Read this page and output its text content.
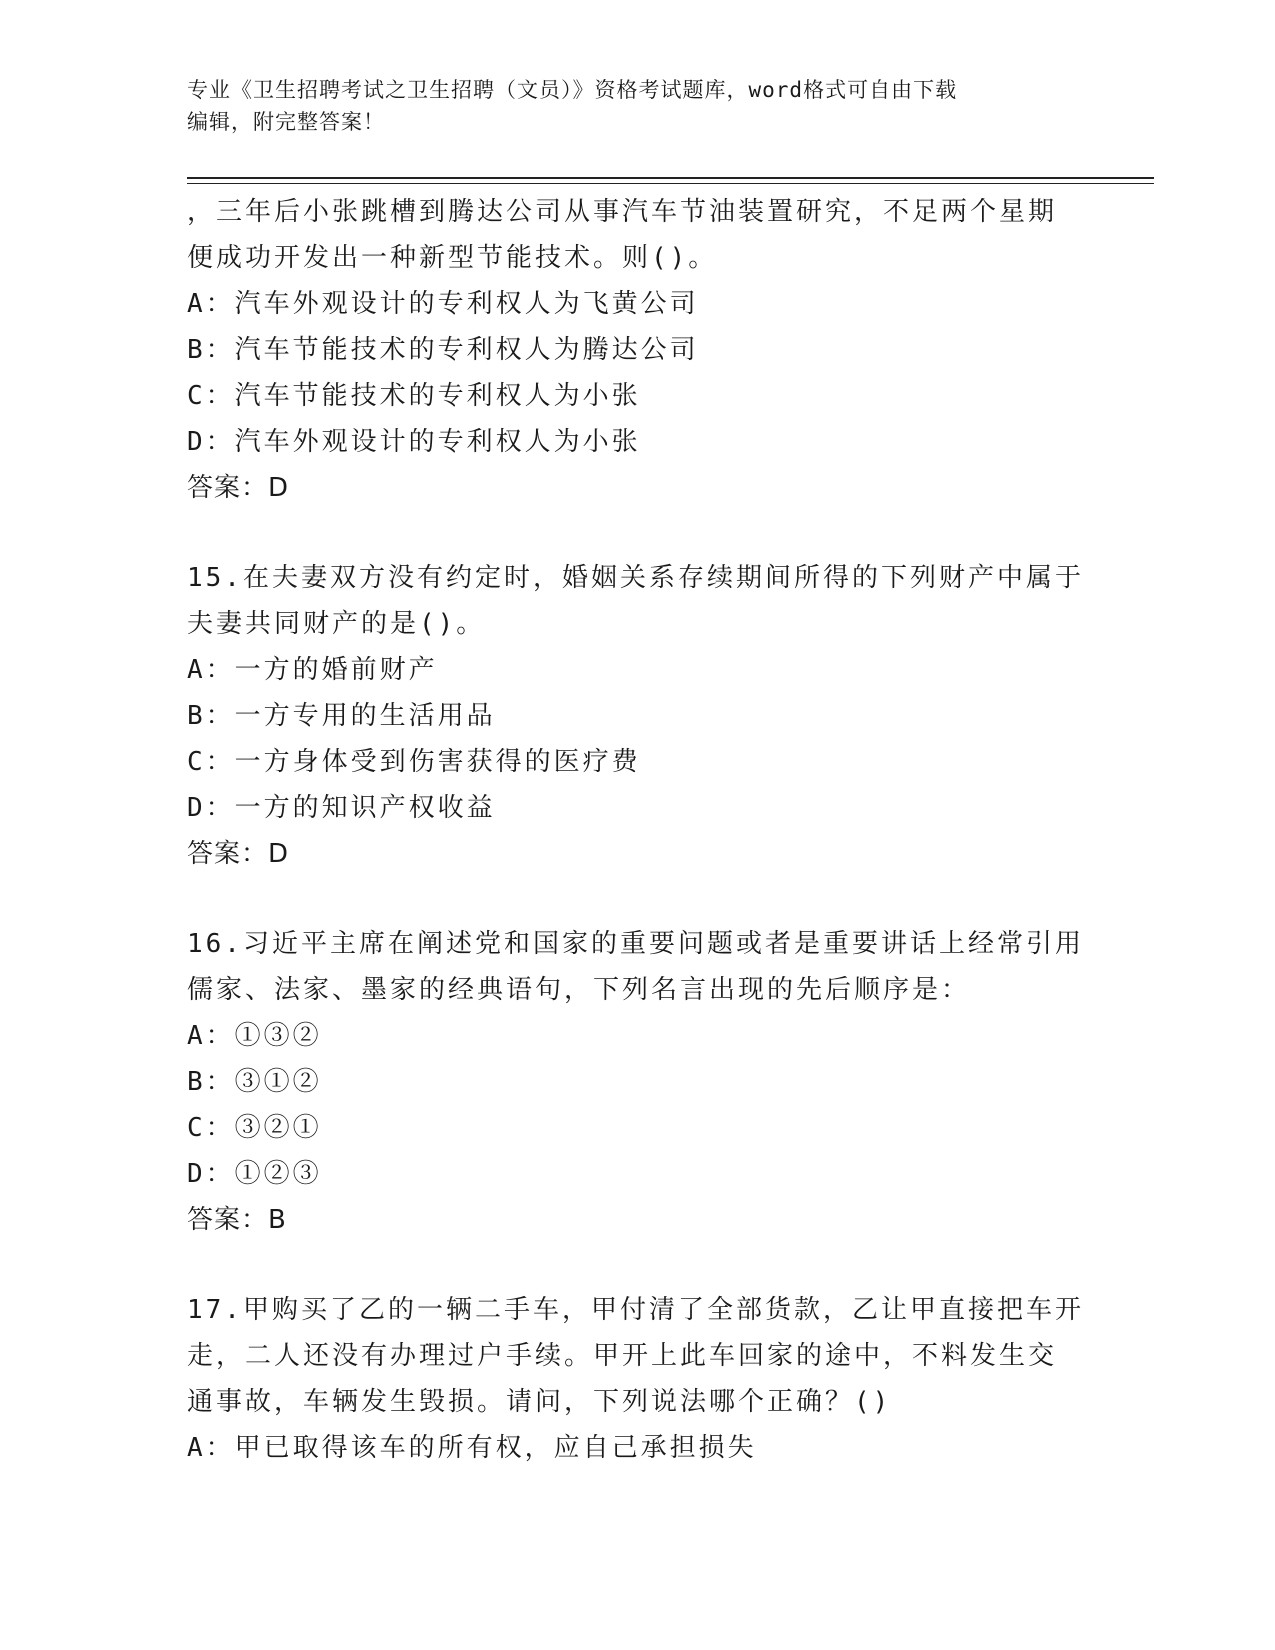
专业《卫生招聘考试之卫生招聘（文员）》资格考试题库，word格式可自由下载
编辑，附完整答案！
，三年后小张跳槽到腾达公司从事汽车节油装置研究，不足两个星期
便成功开发出一种新型节能技术。则()。
A：汽车外观设计的专利权人为飞黄公司
B：汽车节能技术的专利权人为腾达公司
C：汽车节能技术的专利权人为小张
D：汽车外观设计的专利权人为小张
答案：D
15.在夫妻双方没有约定时，婚姻关系存续期间所得的下列财产中属于
夫妻共同财产的是()。
A：一方的婚前财产
B：一方专用的生活用品
C：一方身体受到伤害获得的医疗费
D：一方的知识产权收益
答案：D
16.习近平主席在阐述党和国家的重要问题或者是重要讲话上经常引用
儒家、法家、墨家的经典语句，下列名言出现的先后顺序是：
A：①③②
B：③①②
C：③②①
D：①②③
答案：B
17.甲购买了乙的一辆二手车，甲付清了全部货款，乙让甲直接把车开
走，二人还没有办理过户手续。甲开上此车回家的途中，不料发生交
通事故，车辆发生毁损。请问，下列说法哪个正确？()
A：甲已取得该车的所有权，应自己承担损失
